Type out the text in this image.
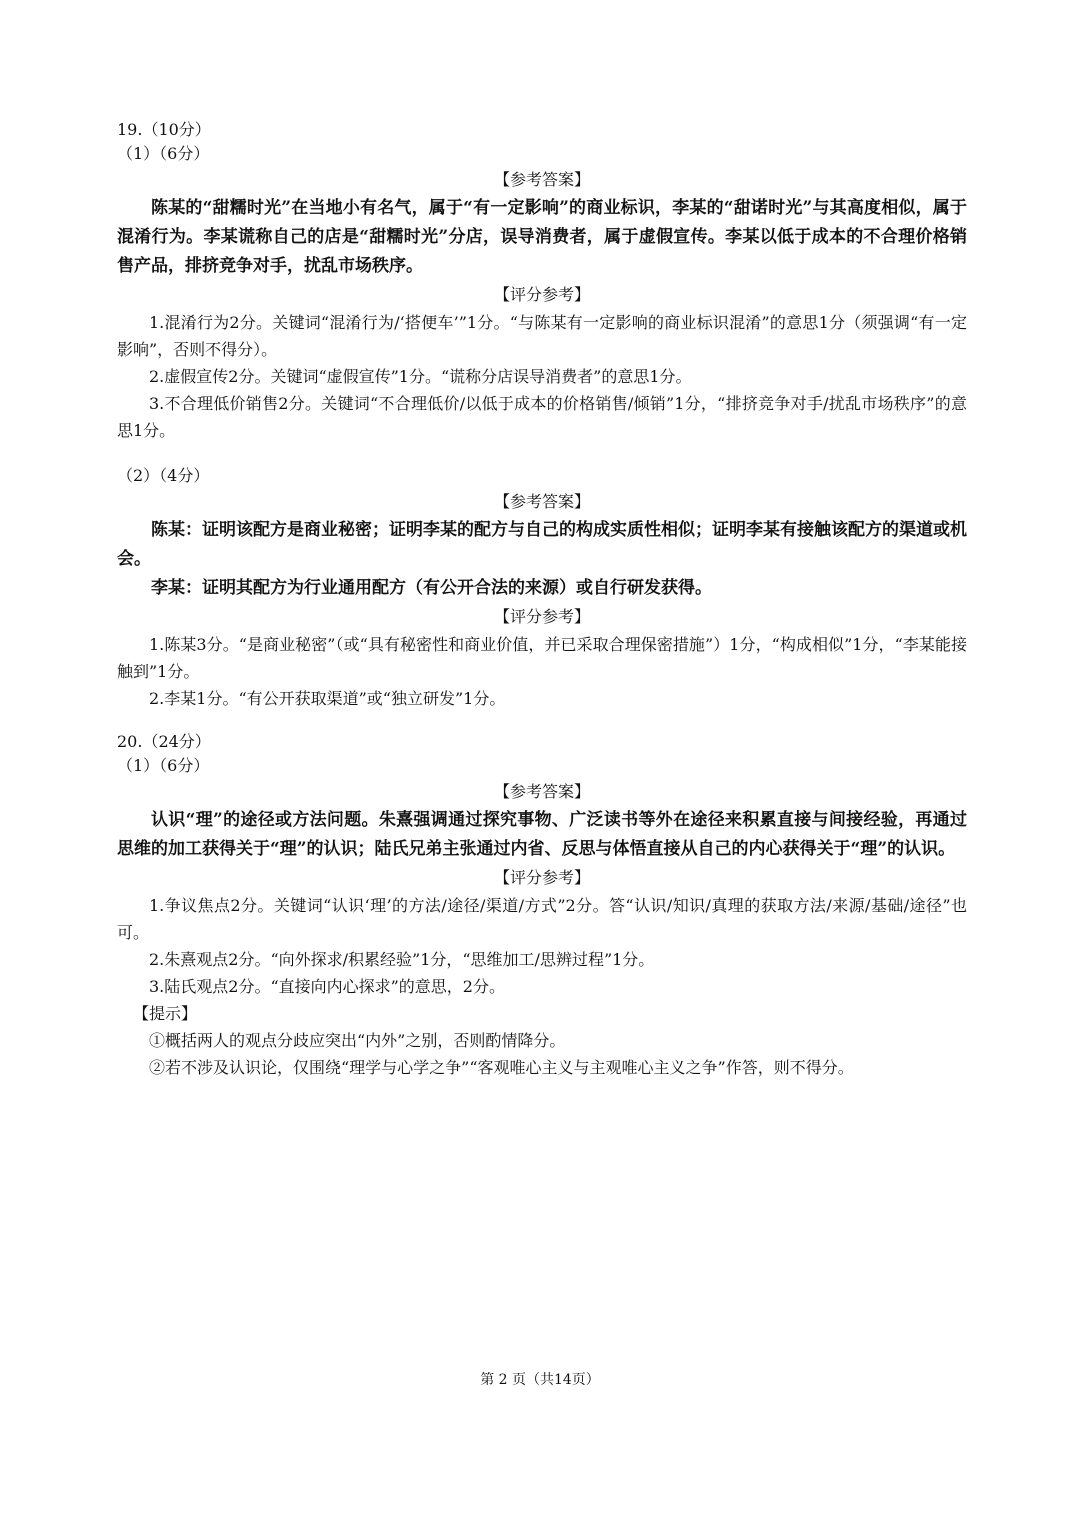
19.（10分）

（1）（6分）

【参考答案】

陈某的“甜糯时光”在当地小有名气，属于“有一定影响”的商业标识，李某的“甜诺时光”与其高度相似，属于混淆行为。李某谎称自己的店是“甜糯时光”分店，误导消费者，属于虚假宣传。李某以低于成本的不合理价格销售产品，排挤竞争对手，扰乱市场秩序。

【评分参考】

1.混淆行为2分。关键词“混淆行为/‘搭便车’”1分。“与陈某有一定影响的商业标识混淆”的意思1分（须强调“有一定影响”，否则不得分）。

2.虚假宣传2分。关键词“虚假宣传”1分。“谎称分店误导消费者”的意思1分。

3.不合理低价销售2分。关键词“不合理低价/以低于成本的价格销售/倾销”1分，“排挤竞争对手/扰乱市场秩序”的意思1分。

（2）（4分）

【参考答案】

陈某：证明该配方是商业秘密；证明李某的配方与自己的构成实质性相似；证明李某有接触该配方的渠道或机会。

李某：证明其配方为行业通用配方（有公开合法的来源）或自行研发获得。

【评分参考】

1.陈某3分。“是商业秘密”（或“具有秘密性和商业价值，并已采取合理保密措施”）1分，“构成相似”1分，“李某能接触到”1分。

2.李某1分。“有公开获取渠道”或“独立研发”1分。

20.（24分）

（1）（6分）

【参考答案】

认识“理”的途径或方法问题。朱熹强调通过探究事物、广泛读书等外在途径来积累直接与间接经验，再通过思维的加工获得关于“理”的认识；陆氏兄弟主张通过内省、反思与体悟直接从自己的内心获得关于“理”的认识。

【评分参考】

1.争议焦点2分。关键词“认识‘理’的方法/途径/渠道/方式”2分。答“认识/知识/真理的获取方法/来源/基础/途径”也可。

2.朱熹观点2分。“向外探求/积累经验”1分，“思维加工/思辨过程”1分。

3.陆氏观点2分。“直接向内心探求”的意思，2分。

【提示】

①概括两人的观点分歧应突出“内外”之别，否则酌情降分。

②若不涉及认识论，仅围绕“理学与心学之争”“客观唯心主义与主观唯心主义之争”作答，则不得分。

第 2 页（共14页）
